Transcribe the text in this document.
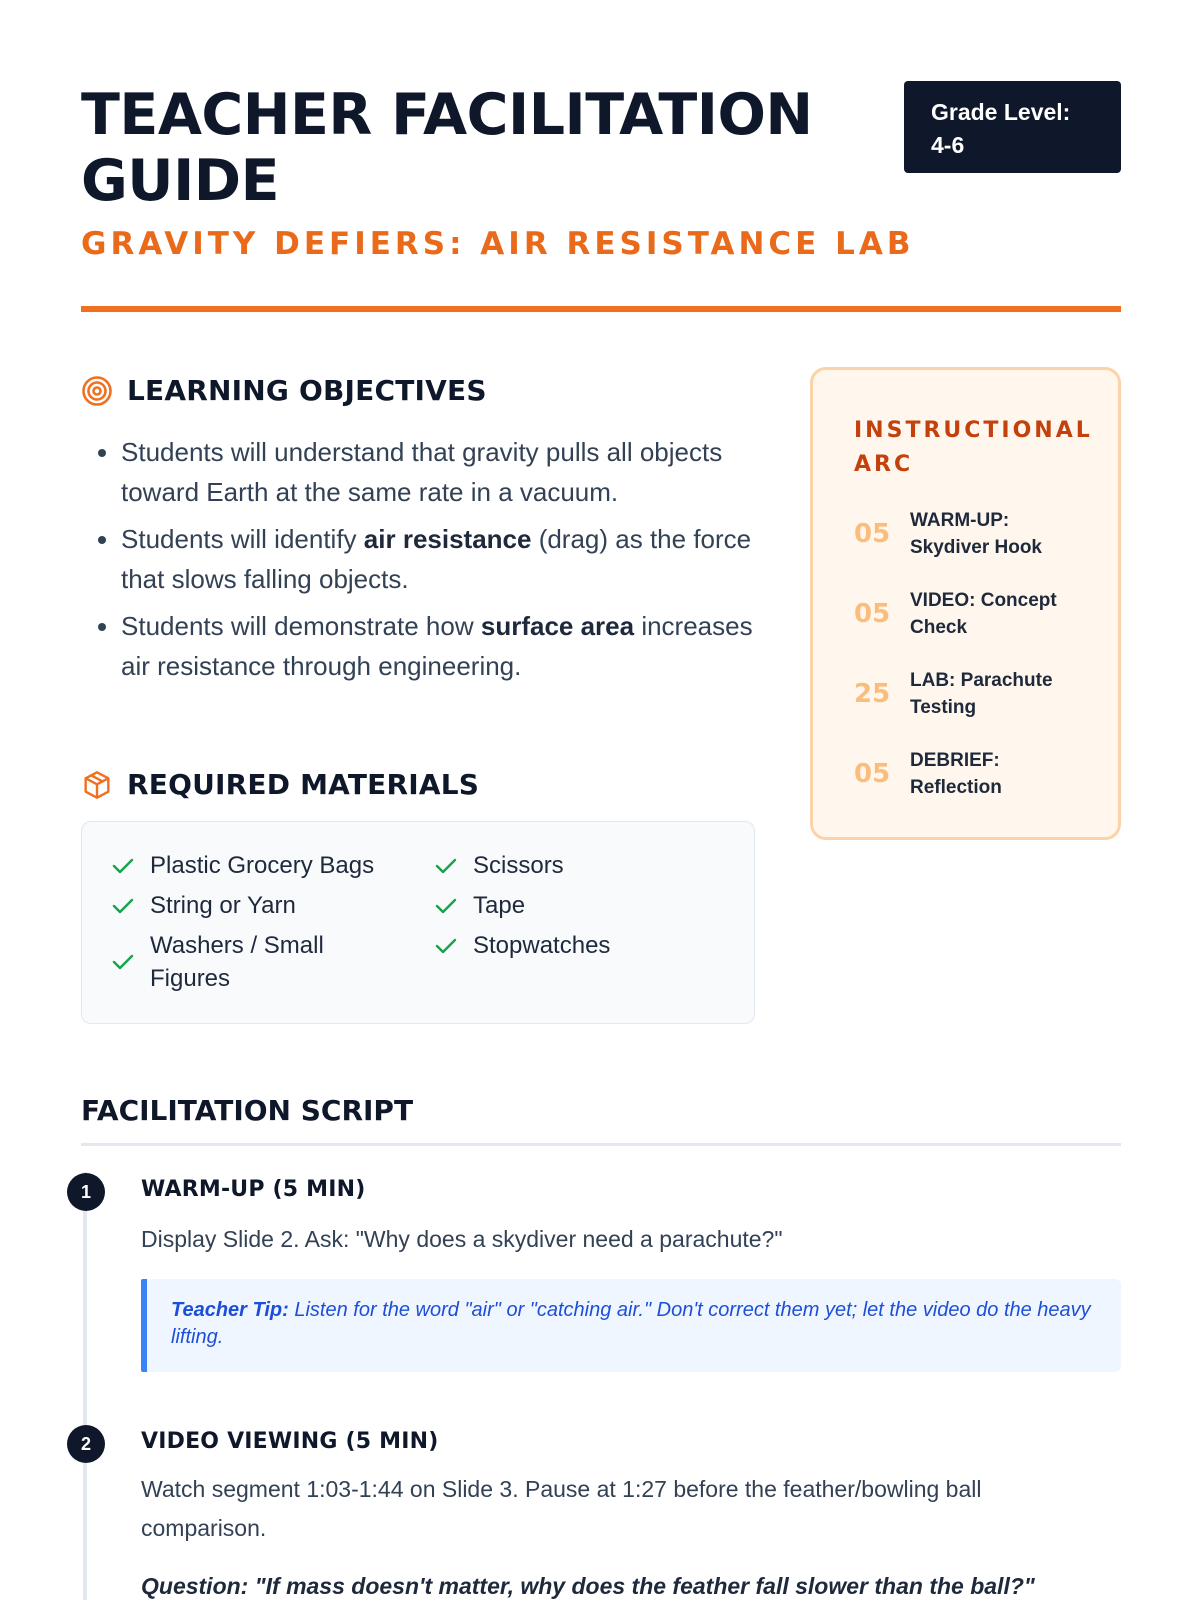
TEACHER FACILITATION GUIDE
GRAVITY DEFIERS: AIR RESISTANCE LAB
Grade Level:
4-6
LEARNING OBJECTIVES
• Students will understand that gravity pulls all objects toward Earth at the same rate in a vacuum.
• Students will identify air resistance (drag) as the force that slows falling objects.
• Students will demonstrate how surface area increases air resistance through engineering.
REQUIRED MATERIALS
Plastic Grocery Bags
String or Yarn
Washers / Small Figures
Scissors
Tape
Stopwatches
INSTRUCTIONAL ARC
05	WARM-UP: Skydiver Hook
05	VIDEO: Concept Check
25	LAB: Parachute Testing
05	DEBRIEF: Reflection
FACILITATION SCRIPT
1	WARM-UP (5 MIN)

Display Slide 2. Ask: "Why does a skydiver need a parachute?"

Teacher Tip: Listen for the word "air" or "catching air." Don't correct them yet; let the video do the heavy lifting.
2	VIDEO VIEWING (5 MIN)

Watch segment 1:03-1:44 on Slide 3. Pause at 1:27 before the feather/bowling ball comparison.

Question: "If mass doesn't matter, why does the feather fall slower than the ball?"
